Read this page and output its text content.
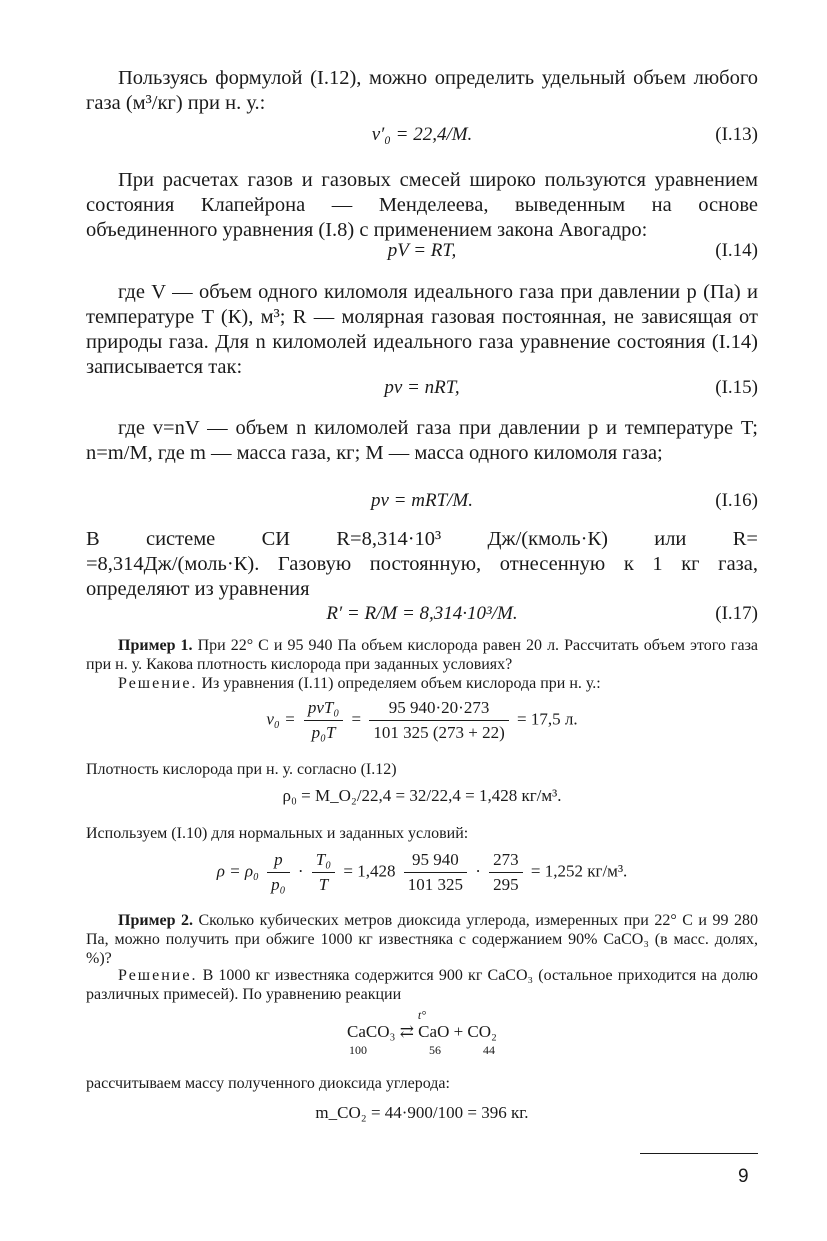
Пользуясь формулой (I.12), можно определить удельный объем любого газа (м³/кг) при н. у.:
v′₀ = 22,4/M.	(I.13)
При расчетах газов и газовых смесей широко пользуются уравнением состояния Клапейрона — Менделеева, выведенным на основе объединенного уравнения (I.8) с применением закона Авогадро:
pV = RT,	(I.14)
где V — объем одного киломоля идеального газа при давлении p (Па) и температуре T (К), м³; R — молярная газовая постоянная, не зависящая от природы газа. Для n киломолей идеального газа уравнение состояния (I.14) записывается так:
pv = nRT,	(I.15)
где v=nV — объем n киломолей газа при давлении p и температуре T; n=m/M, где m — масса газа, кг; M — масса одного киломоля газа;
pv = mRT/M.	(I.16)
В системе СИ R=8,314·10³ Дж/(кмоль·К) или R=
=8,314Дж/(моль·К). Газовую постоянную, отнесенную к 1 кг газа, определяют из уравнения
R′ = R/M = 8,314·10³/M.	(I.17)
Пример 1. При 22° C и 95 940 Па объем кислорода равен 20 л. Рассчитать объем этого газа при н. у. Какова плотность кислорода при заданных условиях?
Решение. Из уравнения (I.11) определяем объем кислорода при н. у.:
$v_0 = \frac{\text{pvT₀}}{\text{p₀T}} = \frac{95 940\cdot 20\cdot 273}{101 325 (273 + 22)} = 17,5$ л.
Плотность кислорода при н. у. согласно (I.12)
ρ₀ = M_O₂/22,4 = 32/22,4 = 1,428 кг/м³.
Используем (I.10) для нормальных и заданных условий:
$\rho = \rho_0 \frac{p}{\text{p₀}} \cdot \frac{\text{T₀}}{T} = 1,428 \frac{95 940}{101 325} \cdot \frac{273}{295} = 1,252$ кг/м³.
Пример 2. Сколько кубических метров диоксида углерода, измеренных при 22° C и 99 280 Па, можно получить при обжиге 1000 кг известняка с содержанием 90% CaCO₃ (в масс. долях, %)?
Решение. В 1000 кг известняка содержится 900 кг CaCO₃ (остальное приходится на долю различных примесей). По уравнению реакции
t°
CaCO₃ ⇄ CaO + CO₂
100	56	44
рассчитываем массу полученного диоксида углерода:
m_CO₂ = 44·900/100 = 396 кг.
9
